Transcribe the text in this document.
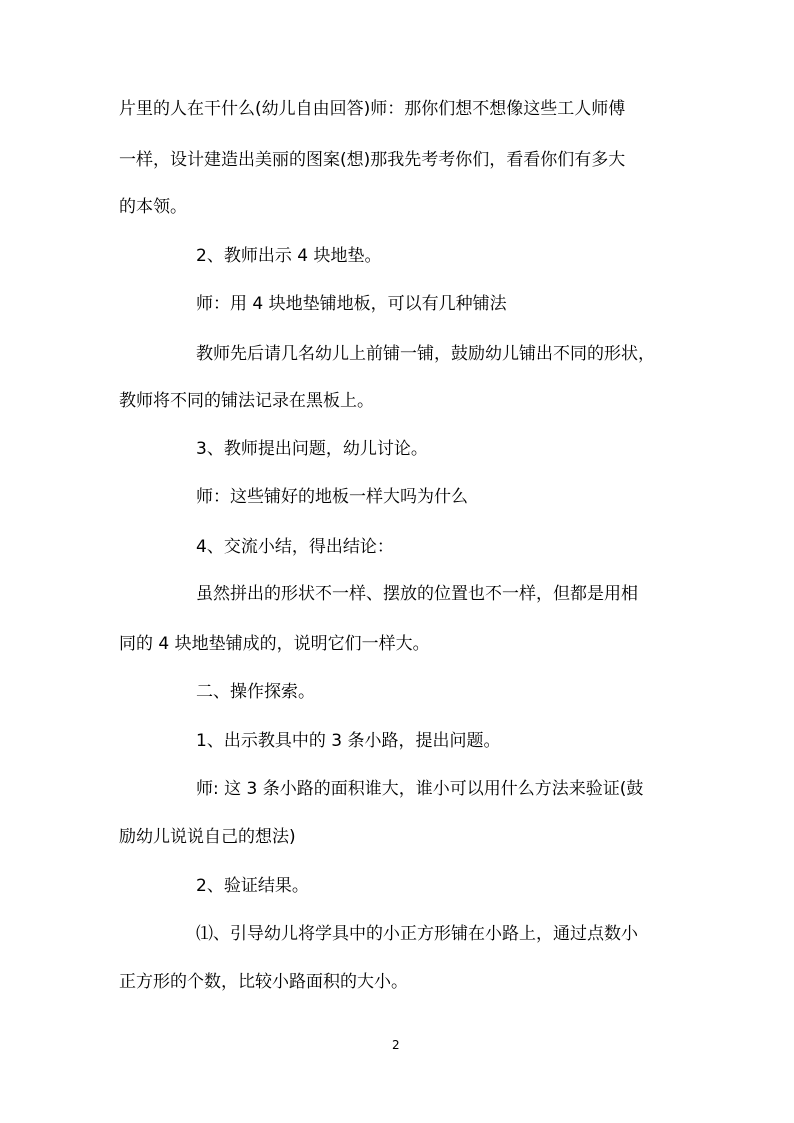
片里的人在干什么(幼儿自由回答)师：那你们想不想像这些工人师傅
一样，设计建造出美丽的图案(想)那我先考考你们，看看你们有多大
的本领。
2、教师出示 4 块地垫。
师：用 4 块地垫铺地板，可以有几种铺法
教师先后请几名幼儿上前铺一铺，鼓励幼儿铺出不同的形状，
教师将不同的铺法记录在黑板上。
3、教师提出问题，幼儿讨论。
师：这些铺好的地板一样大吗为什么
4、交流小结，得出结论：
虽然拼出的形状不一样、摆放的位置也不一样，但都是用相
同的 4 块地垫铺成的，说明它们一样大。
二、操作探索。
1、出示教具中的 3 条小路，提出问题。
师: 这 3 条小路的面积谁大，谁小可以用什么方法来验证(鼓
励幼儿说说自己的想法)
2、验证结果。
⑴、引导幼儿将学具中的小正方形铺在小路上，通过点数小
正方形的个数，比较小路面积的大小。
2
